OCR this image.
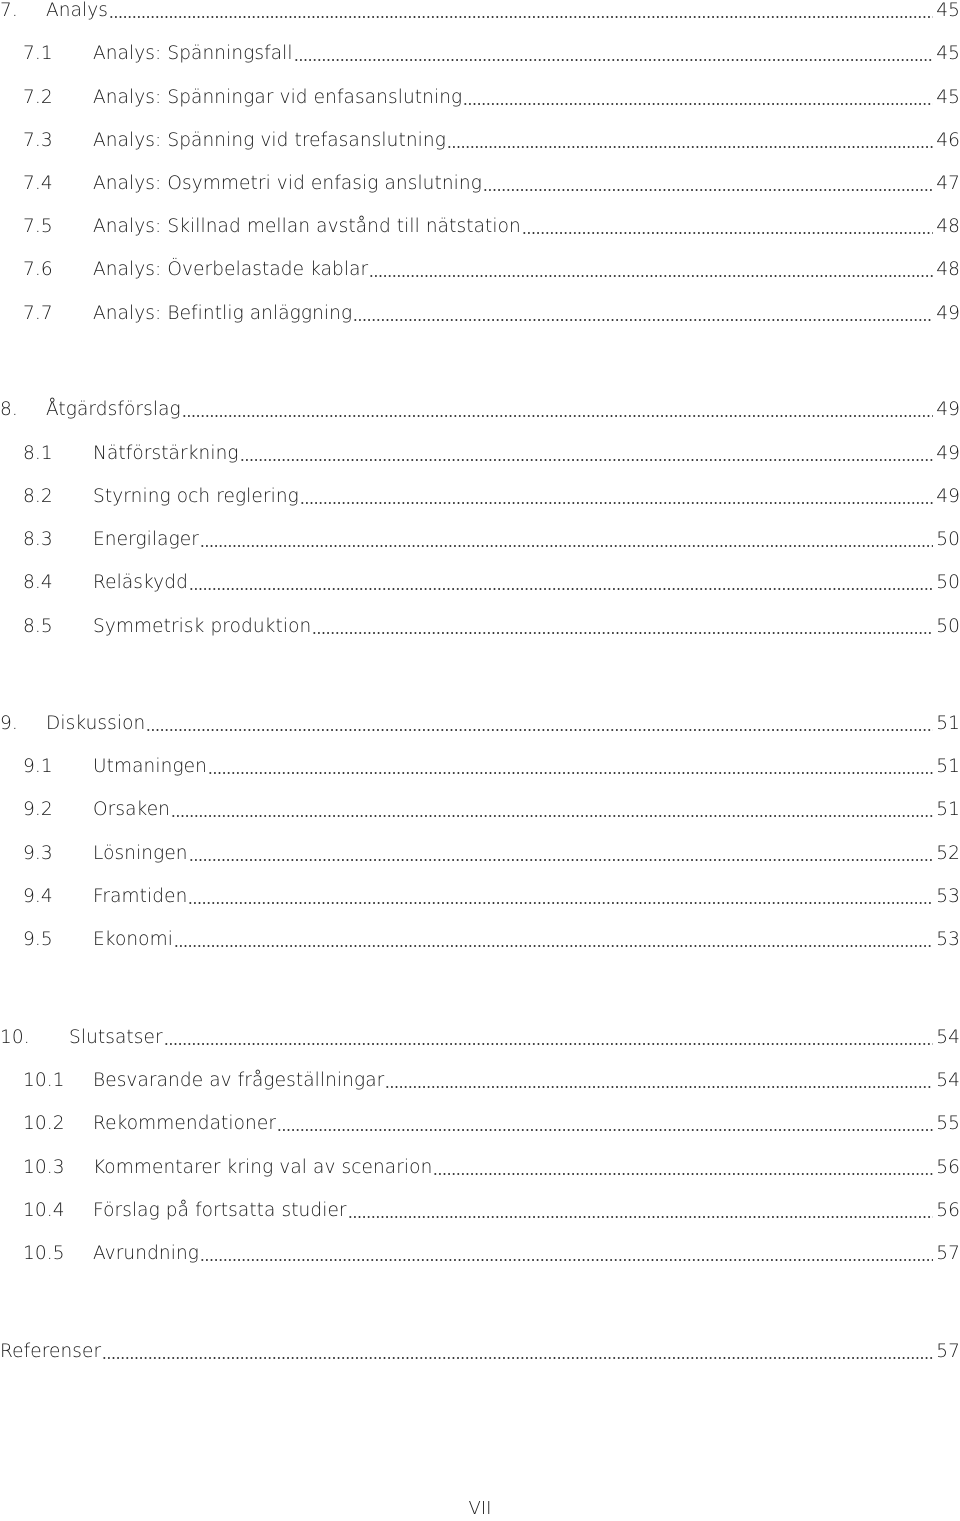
7. Analys	45
7.1 Analys: Spänningsfall	45
7.2 Analys: Spänningar vid enfasanslutning	45
7.3 Analys: Spänning vid trefasanslutning	46
7.4 Analys: Osymmetri vid enfasig anslutning	47
7.5 Analys: Skillnad mellan avstånd till nätstation	48
7.6 Analys: Överbelastade kablar	48
7.7 Analys: Befintlig anläggning	49
8. Åtgärdsförslag	49
8.1 Nätförstärkning	49
8.2 Styrning och reglering	49
8.3 Energilager	50
8.4 Reläskydd	50
8.5 Symmetrisk produktion	50
9. Diskussion	51
9.1 Utmaningen	51
9.2 Orsaken	51
9.3 Lösningen	52
9.4 Framtiden	53
9.5 Ekonomi	53
10. Slutsatser	54
10.1 Besvarande av frågeställningar	54
10.2 Rekommendationer	55
10.3 Kommentarer kring val av scenarion	56
10.4 Förslag på fortsatta studier	56
10.5 Avrundning	57
Referenser	57
VII
